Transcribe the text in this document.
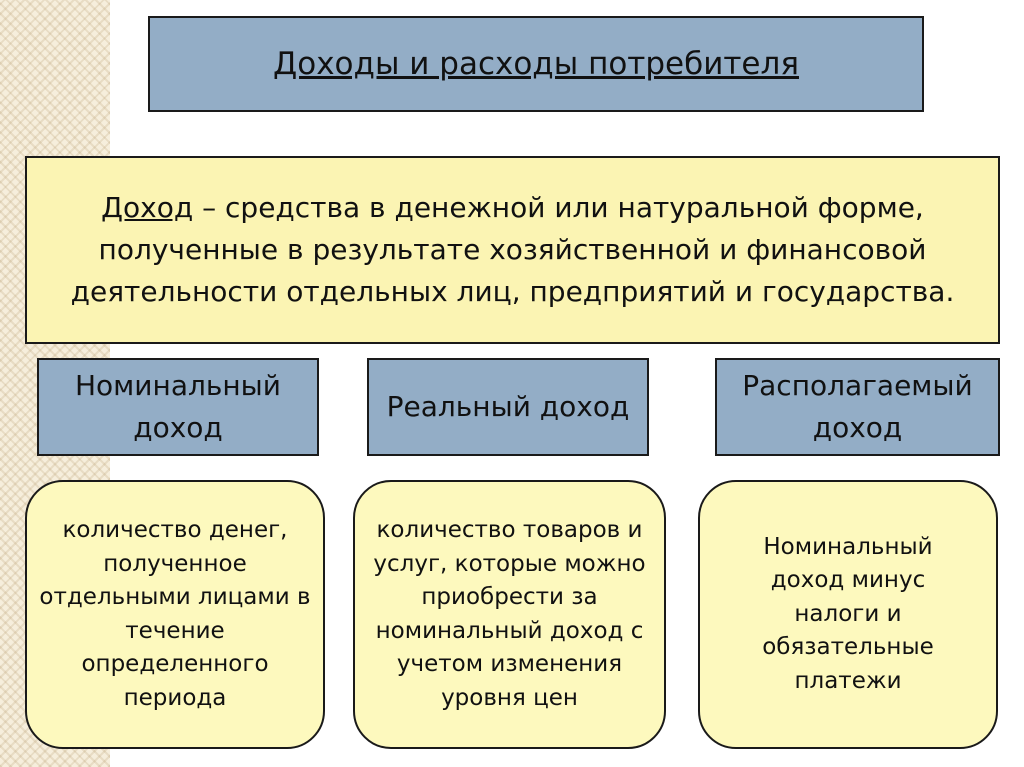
Доходы и расходы потребителя
Доход – средства в денежной или натуральной форме, полученные в результате хозяйственной и финансовой деятельности отдельных лиц, предприятий и государства.
Номинальный доход
Реальный доход
Располагаемый доход
количество денег, полученное отдельными лицами в течение определенного периода
количество товаров и услуг, которые можно приобрести за номинальный доход с учетом изменения уровня цен
Номинальный доход минус налоги и обязательные платежи
